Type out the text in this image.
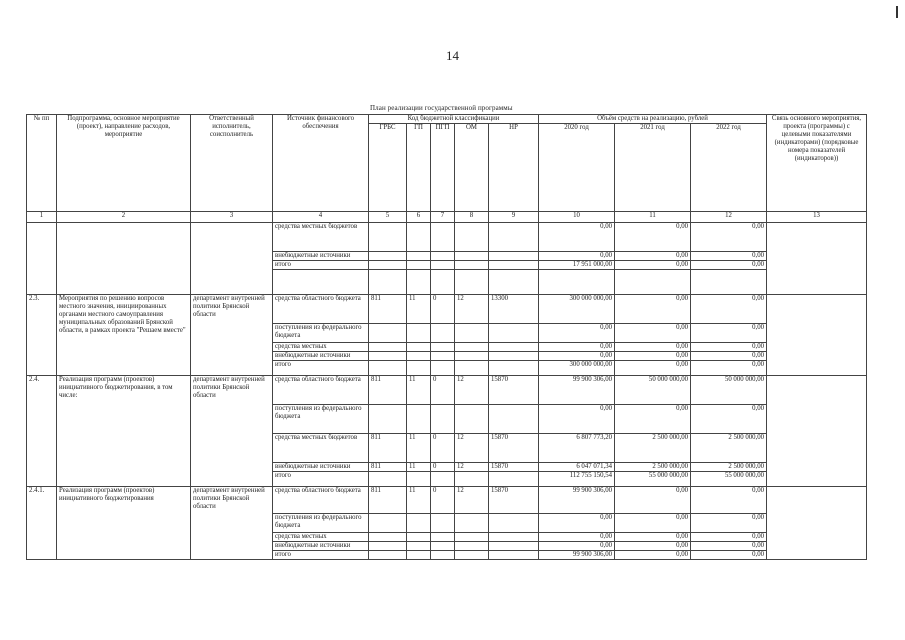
14
План реализации государственной программы
№ пп	Подпрограмма, основное мероприятие (проект), направление расходов, мероприятие	Ответственный исполнитель, соисполнитель	Источник финансового обеспечения	Код бюджетной классификации					Объём средств на реализацию, рублей			Связь основного мероприятия, проекта (программы) с целевыми показателями (индикаторами) (порядковые номера показателей (индикаторов))
				ГРБС	ГП	ПГП	ОМ	НР	2020 год	2021 год	2022 год	
1	2	3	4	5	6	7	8	9	10	11	12	13
			средства местных бюджетов						0,00	0,00	0,00	
			внебюджетные источники						0,00	0,00	0,00	
			итого						17 951 000,00	0,00	0,00	

2.3.	Мероприятия по решению вопросов местного значения, инициированных органами местного самоуправления муниципальных образований Брянской области, в рамках проекта "Решаем вместе"	департамент внутренней политики Брянской области	средства областного бюджета	811	11	0	12	13300	300 000 000,00	0,00	0,00	
			поступления из федерального бюджета						0,00	0,00	0,00	
			средства местных						0,00	0,00	0,00	
			внебюджетные источники						0,00	0,00	0,00	
			итого						300 000 000,00	0,00	0,00	
2.4.	Реализация программ (проектов) инициативного бюджетирования, в том числе:	департамент внутренней политики Брянской области	средства областного бюджета	811	11	0	12	15870	99 900 306,00	50 000 000,00	50 000 000,00	
			поступления из федерального бюджета						0,00	0,00	0,00	
			средства местных бюджетов	811	11	0	12	15870	6 807 773,20	2 500 000,00	2 500 000,00	
			внебюджетные источники	811	11	0	12	15870	6 047 071,34	2 500 000,00	2 500 000,00	
			итого						112 755 150,54	55 000 000,00	55 000 000,00	
2.4.1.	Реализация программ (проектов) инициативного бюджетирования	департамент внутренней политики Брянской области	средства областного бюджета	811	11	0	12	15870	99 900 306,00	0,00	0,00	
			поступления из федерального бюджета						0,00	0,00	0,00	
			средства местных						0,00	0,00	0,00	
			внебюджетные источники						0,00	0,00	0,00	
			итого						99 900 306,00	0,00	0,00	
